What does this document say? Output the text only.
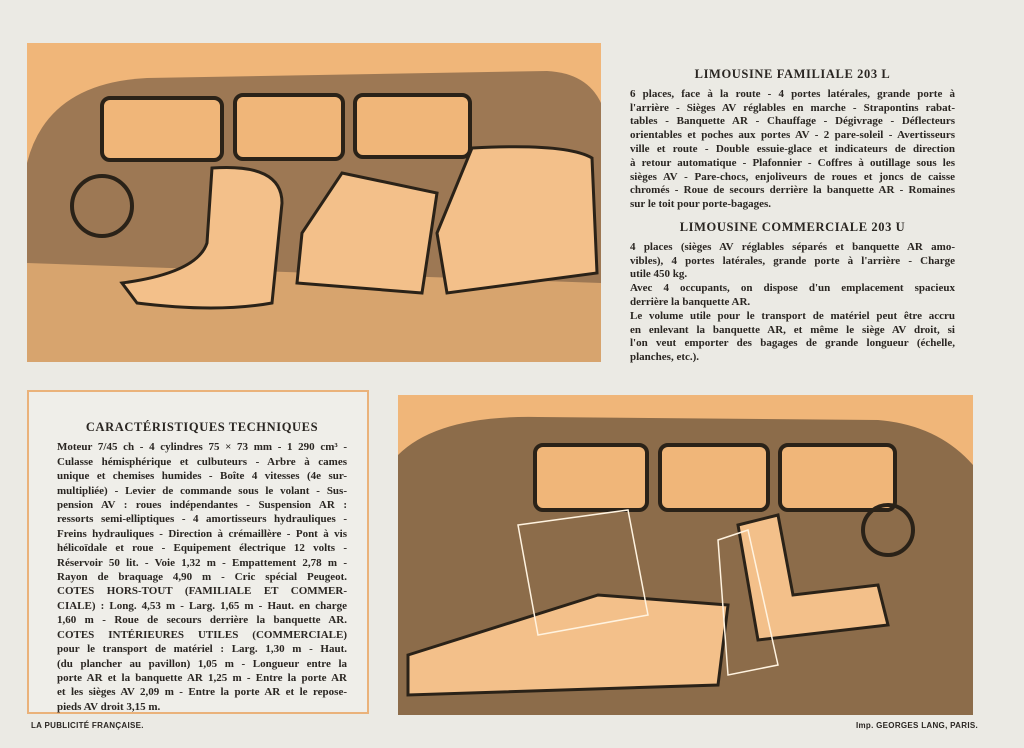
LIMOUSINE FAMILIALE 203 L
6 places, face à la route - 4 portes latérales, grande porte à
l'arrière - Sièges AV réglables en marche - Strapontins rabat-
tables - Banquette AR - Chauffage - Dégivrage - Déflecteurs
orientables et poches aux portes AV - 2 pare-soleil - Avertisseurs
ville et route - Double essuie-glace et indicateurs de direction
à retour automatique - Plafonnier - Coffres à outillage sous les
sièges AV - Pare-chocs, enjoliveurs de roues et joncs de caisse
chromés - Roue de secours derrière la banquette AR - Romaines
sur le toit pour porte-bagages.
LIMOUSINE COMMERCIALE 203 U
4 places (sièges AV réglables séparés et banquette AR amo-
vibles), 4 portes latérales, grande porte à l'arrière - Charge
utile 450 kg.
Avec 4 occupants, on dispose d'un emplacement spacieux
derrière la banquette AR.
Le volume utile pour le transport de matériel peut être accru
en enlevant la banquette AR, et même le siège AV droit, si
l'on veut emporter des bagages de grande longueur (échelle,
planches, etc.).
CARACTÉRISTIQUES TECHNIQUES
Moteur 7/45 ch - 4 cylindres 75 × 73 mm - 1 290 cm³ -
Culasse hémisphérique et culbuteurs - Arbre à cames
unique et chemises humides - Boîte 4 vitesses (4e sur-
multipliée) - Levier de commande sous le volant - Sus-
pension AV : roues indépendantes - Suspension AR :
ressorts semi-elliptiques - 4 amortisseurs hydrauliques -
Freins hydrauliques - Direction à crémaillère - Pont à vis
hélicoïdale et roue - Equipement électrique 12 volts -
Réservoir 50 lit. - Voie 1,32 m - Empattement 2,78 m -
Rayon de braquage 4,90 m - Cric spécial Peugeot.
COTES HORS-TOUT (FAMILIALE ET COMMER-
CIALE) : Long. 4,53 m - Larg. 1,65 m - Haut. en charge
1,60 m - Roue de secours derrière la banquette AR.
COTES INTÉRIEURES UTILES (COMMERCIALE)
pour le transport de matériel : Larg. 1,30 m - Haut.
(du plancher au pavillon) 1,05 m - Longueur entre la
porte AR et la banquette AR 1,25 m - Entre la porte AR
et les sièges AV 2,09 m - Entre la porte AR et le repose-
pieds AV droit 3,15 m.
LA PUBLICITÉ FRANÇAISE.	Imp. GEORGES LANG, PARIS.
